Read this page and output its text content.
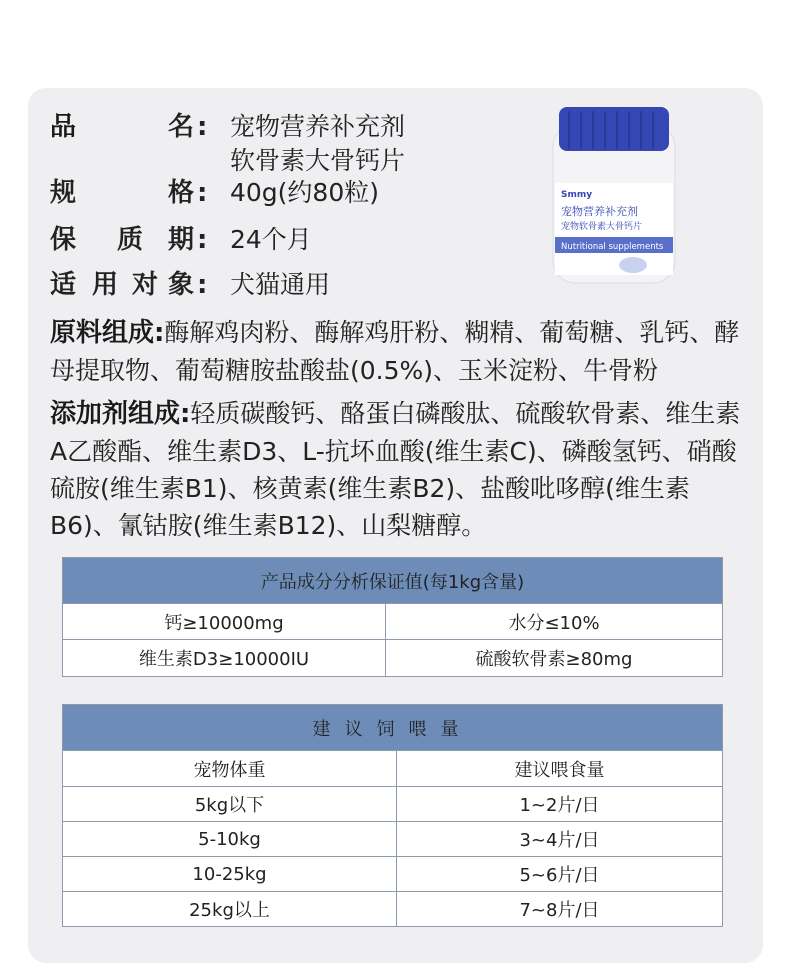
品	名 : 宠物营养补充剂
软骨素大骨钙片
规	格 : 40g(约80粒)
保 质 期 : 24个月
适 用 对 象 : 犬猫通用
原料组成:酶解鸡肉粉、酶解鸡肝粉、糊精、葡萄糖、乳钙、酵母提取物、葡萄糖胺盐酸盐(0.5%)、玉米淀粉、牛骨粉
添加剂组成:轻质碳酸钙、酪蛋白磷酸肽、硫酸软骨素、维生素A乙酸酯、维生素D3、L-抗坏血酸(维生素C)、磷酸氢钙、硝酸硫胺(维生素B1)、核黄素(维生素B2)、盐酸吡哆醇(维生素B6)、氰钴胺(维生素B12)、山梨糖醇。
Smmy
宠物营养补充剂
宠物软骨素大骨钙片
Nutritional supplements
产品成分分析保证值(每1kg含量)	
钙≥10000mg	水分≤10%
维生素D3≥10000IU	硫酸软骨素≥80mg
建议饲喂量	
宠物体重	建议喂食量
5kg以下	1~2片/日
5-10kg	3~4片/日
10-25kg	5~6片/日
25kg以上	7~8片/日
